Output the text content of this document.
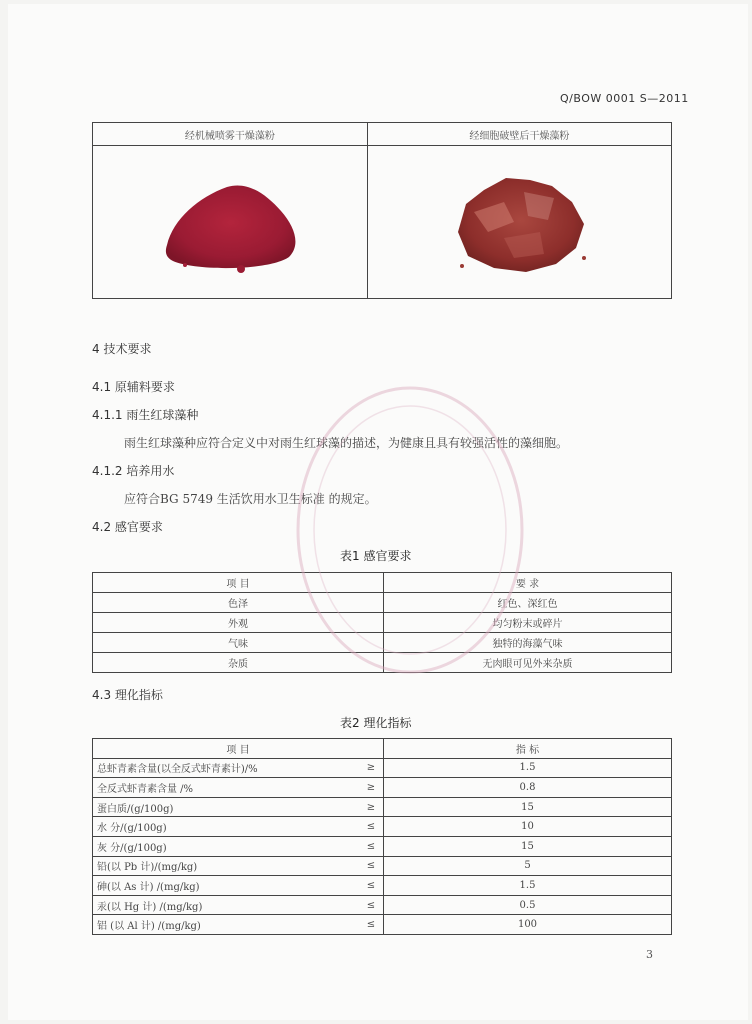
Q/BOW 0001 S—2011
经机械喷雾干燥藻粉	经细胞破壁后干燥藻粉

4 技术要求
4.1 原辅料要求
4.1.1 雨生红球藻种
雨生红球藻种应符合定义中对雨生红球藻的描述，为健康且具有较强活性的藻细胞。
4.1.2 培养用水
应符合BG 5749 生活饮用水卫生标准 的规定。
4.2 感官要求
表1 感官要求
项 目	要 求
色泽	红色、深红色
外观	均匀粉末或碎片
气味	独特的海藻气味
杂质	无肉眼可见外来杂质
4.3 理化指标
表2 理化指标
项 目		指 标
总虾青素含量(以全反式虾青素计)/%	≥	1.5
全反式虾青素含量 /%	≥	0.8
蛋白质/(g/100g)	≥	15
水 分/(g/100g)	≤	10
灰 分/(g/100g)	≤	15
铅(以 Pb 计)/(mg/kg)	≤	5
砷(以 As 计) /(mg/kg)	≤	1.5
汞(以 Hg 计) /(mg/kg)	≤	0.5
铝 (以 Al 计) /(mg/kg)	≤	100
3
